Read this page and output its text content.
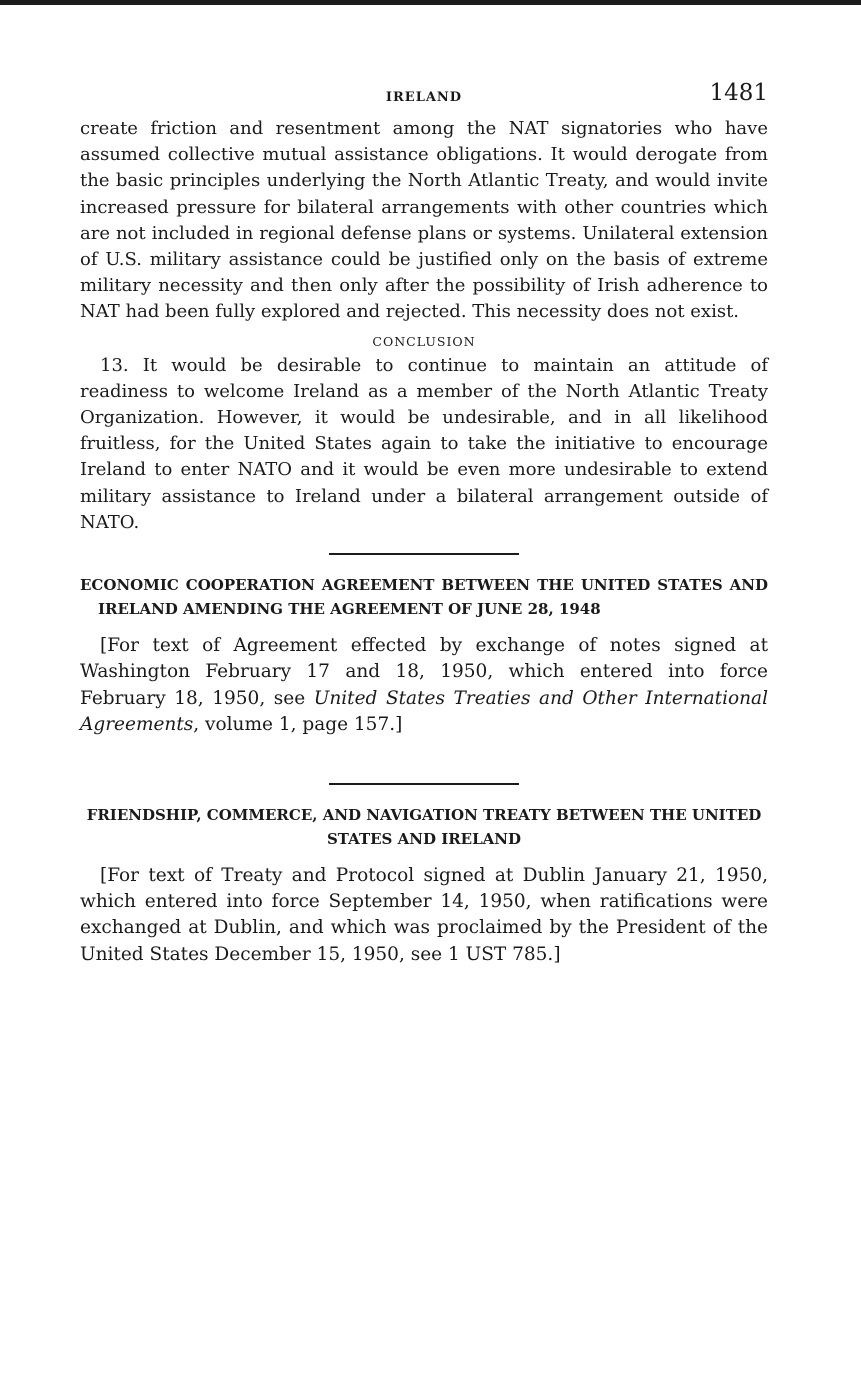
IRELAND	1481

create friction and resentment among the NAT signatories who have assumed collective mutual assistance obligations. It would derogate from the basic principles underlying the North Atlantic Treaty, and would invite increased pressure for bilateral arrangements with other countries which are not included in regional defense plans or systems. Unilateral extension of U.S. military assistance could be justified only on the basis of extreme military necessity and then only after the possibility of Irish adherence to NAT had been fully explored and rejected. This necessity does not exist.

CONCLUSION

13. It would be desirable to continue to maintain an attitude of readiness to welcome Ireland as a member of the North Atlantic Treaty Organization. However, it would be undesirable, and in all likelihood fruitless, for the United States again to take the initiative to encourage Ireland to enter NATO and it would be even more undesirable to extend military assistance to Ireland under a bilateral arrangement outside of NATO.

ECONOMIC COOPERATION AGREEMENT BETWEEN THE UNITED STATES AND IRELAND AMENDING THE AGREEMENT OF JUNE 28, 1948

[For text of Agreement effected by exchange of notes signed at Washington February 17 and 18, 1950, which entered into force February 18, 1950, see United States Treaties and Other International Agreements, volume 1, page 157.]

FRIENDSHIP, COMMERCE, AND NAVIGATION TREATY BETWEEN THE UNITED STATES AND IRELAND

[For text of Treaty and Protocol signed at Dublin January 21, 1950, which entered into force September 14, 1950, when ratifications were exchanged at Dublin, and which was proclaimed by the President of the United States December 15, 1950, see 1 UST 785.]
